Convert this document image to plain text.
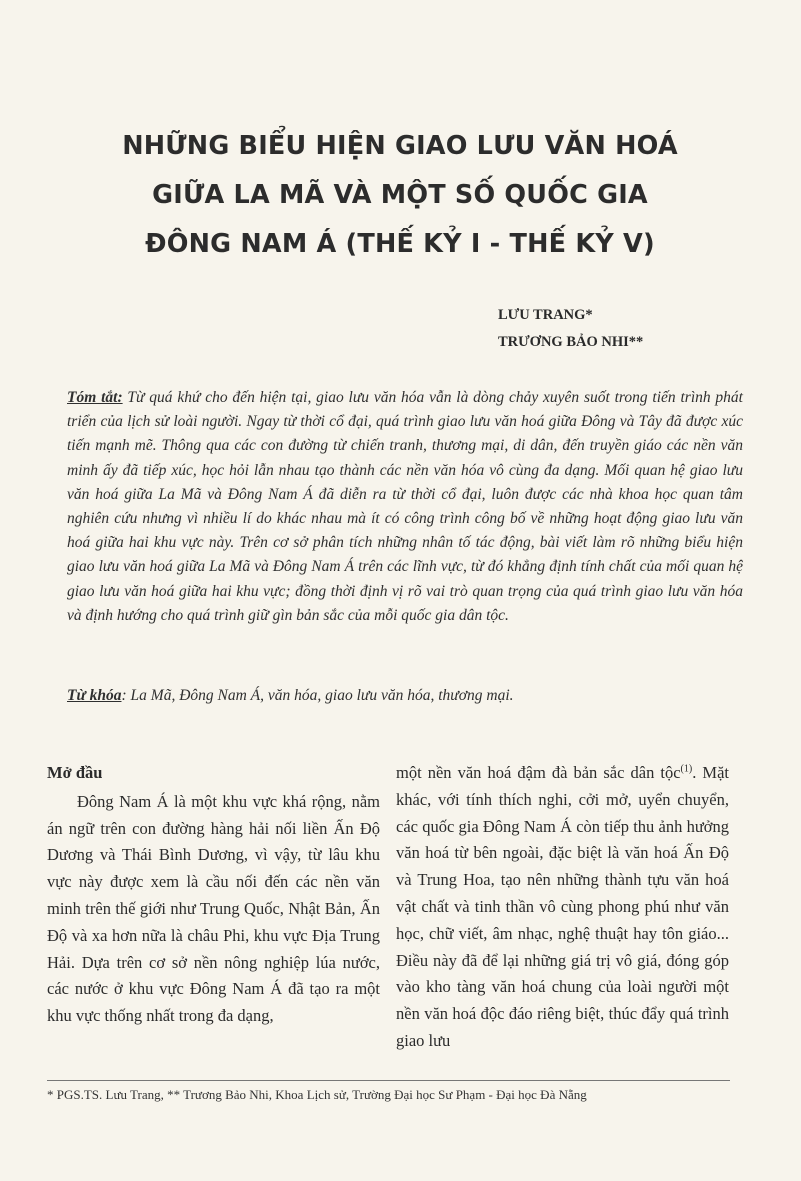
NHỮNG BIỂU HIỆN GIAO LƯU VĂN HOÁ
GIỮA LA MÃ VÀ MỘT SỐ QUỐC GIA
ĐÔNG NAM Á (THẾ KỶ I - THẾ KỶ V)
LƯU TRANG*
TRƯƠNG BẢO NHI**
Tóm tắt: Từ quá khứ cho đến hiện tại, giao lưu văn hóa vẫn là dòng chảy xuyên suốt trong tiến trình phát triển của lịch sử loài người. Ngay từ thời cổ đại, quá trình giao lưu văn hoá giữa Đông và Tây đã được xúc tiến mạnh mẽ. Thông qua các con đường từ chiến tranh, thương mại, di dân, đến truyền giáo các nền văn minh ấy đã tiếp xúc, học hỏi lẫn nhau tạo thành các nền văn hóa vô cùng đa dạng. Mối quan hệ giao lưu văn hoá giữa La Mã và Đông Nam Á đã diễn ra từ thời cổ đại, luôn được các nhà khoa học quan tâm nghiên cứu nhưng vì nhiều lí do khác nhau mà ít có công trình công bố về những hoạt động giao lưu văn hoá giữa hai khu vực này. Trên cơ sở phân tích những nhân tố tác động, bài viết làm rõ những biểu hiện giao lưu văn hoá giữa La Mã và Đông Nam Á trên các lĩnh vực, từ đó khẳng định tính chất của mối quan hệ giao lưu văn hoá giữa hai khu vực; đồng thời định vị rõ vai trò quan trọng của quá trình giao lưu văn hóa và định hướng cho quá trình giữ gìn bản sắc của mỗi quốc gia dân tộc.
Từ khóa: La Mã, Đông Nam Á, văn hóa, giao lưu văn hóa, thương mại.
Mở đầu
Đông Nam Á là một khu vực khá rộng, nằm án ngữ trên con đường hàng hải nối liền Ấn Độ Dương và Thái Bình Dương, vì vậy, từ lâu khu vực này được xem là cầu nối đến các nền văn minh trên thế giới như Trung Quốc, Nhật Bản, Ấn Độ và xa hơn nữa là châu Phi, khu vực Địa Trung Hải. Dựa trên cơ sở nền nông nghiệp lúa nước, các nước ở khu vực Đông Nam Á đã tạo ra một khu vực thống nhất trong đa dạng,
một nền văn hoá đậm đà bản sắc dân tộc$^{(1)}$. Mặt khác, với tính thích nghi, cởi mở, uyển chuyển, các quốc gia Đông Nam Á còn tiếp thu ảnh hưởng văn hoá từ bên ngoài, đặc biệt là văn hoá Ấn Độ và Trung Hoa, tạo nên những thành tựu văn hoá vật chất và tinh thần vô cùng phong phú như văn học, chữ viết, âm nhạc, nghệ thuật hay tôn giáo... Điều này đã để lại những giá trị vô giá, đóng góp vào kho tàng văn hoá chung của loài người một nền văn hoá độc đáo riêng biệt, thúc đẩy quá trình giao lưu
* PGS.TS. Lưu Trang, ** Trương Bảo Nhi, Khoa Lịch sử, Trường Đại học Sư Phạm - Đại học Đà Nẵng
